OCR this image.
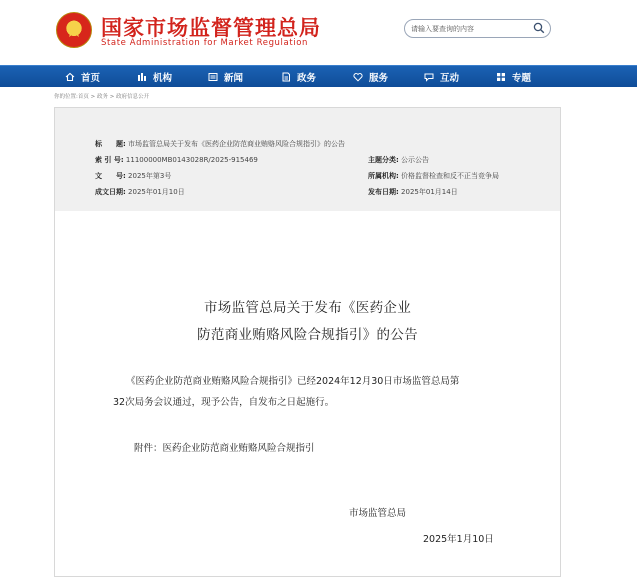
国家市场监督管理总局
State Administration for Market Regulation
请输入要查询的内容
首页	机构	新闻	政务	服务	互动	专题
你的位置:首页 > 政务 > 政府信息公开
标　　题: 市场监管总局关于发布《医药企业防范商业贿赂风险合规指引》的公告
索 引 号: 11100000MB0143028R/2025-915469	主题分类: 公示公告
文　　号: 2025年第3号	所属机构: 价格监督检查和反不正当竞争局
成文日期: 2025年01月10日	发布日期: 2025年01月14日
市场监管总局关于发布《医药企业
防范商业贿赂风险合规指引》的公告
《医药企业防范商业贿赂风险合规指引》已经2024年12月30日市场监管总局第
32次局务会议通过，现予公告，自发布之日起施行。
附件：医药企业防范商业贿赂风险合规指引
市场监管总局
2025年1月10日
